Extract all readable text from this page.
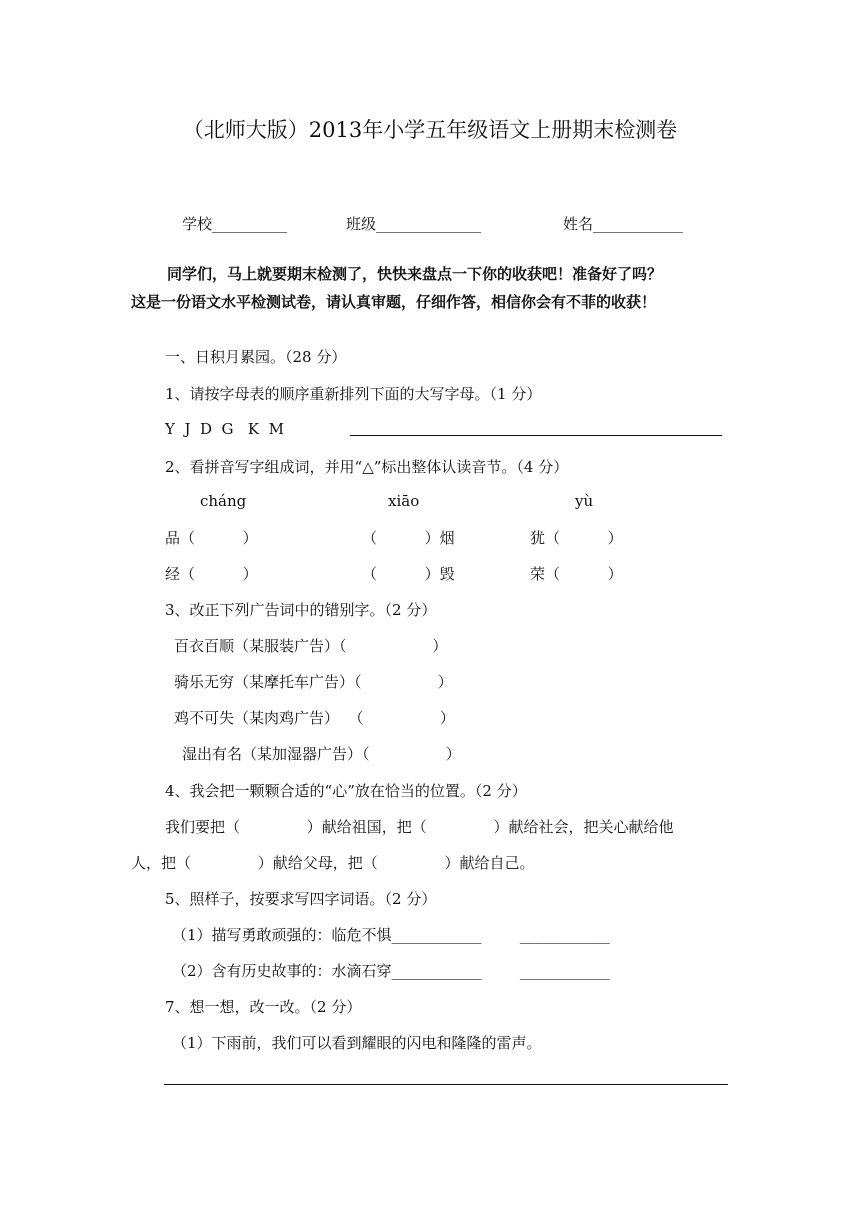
（北师大版）2013年小学五年级语文上册期末检测卷
学校__________	班级______________	姓名____________
同学们，马上就要期末检测了，快快来盘点一下你的收获吧！准备好了吗？
这是一份语文水平检测试卷，请认真审题，仔细作答，相信你会有不菲的收获！
一、日积月累园。（28 分）
1、请按字母表的顺序重新排列下面的大写字母。（1 分）
Y  J  D  G   K  M
2、看拼音写字组成词，并用“△”标出整体认读音节。（4 分）
cháng	xiāo	yù
品（          ）	（          ）烟	犹（          ）
经（          ）	（          ）毁	荣（          ）
3、改正下列广告词中的错别字。（2 分）
百衣百顺（某服装广告）（                  ）
骑乐无穷（某摩托车广告）（                ）
鸡不可失（某肉鸡广告）  （                ）
湿出有名（某加湿器广告）（                ）
4、我会把一颗颗合适的“心”放在恰当的位置。（2 分）
我们要把（              ）献给祖国，把（              ）献给社会，把关心献给他
人，把（              ）献给父母，把（              ）献给自己。
5、照样子，按要求写四字词语。（2 分）
（1）描写勇敢顽强的：临危不惧____________        ____________
（2）含有历史故事的：水滴石穿____________        ____________
7、想一想，改一改。（2 分）
（1）下雨前，我们可以看到耀眼的闪电和隆隆的雷声。
